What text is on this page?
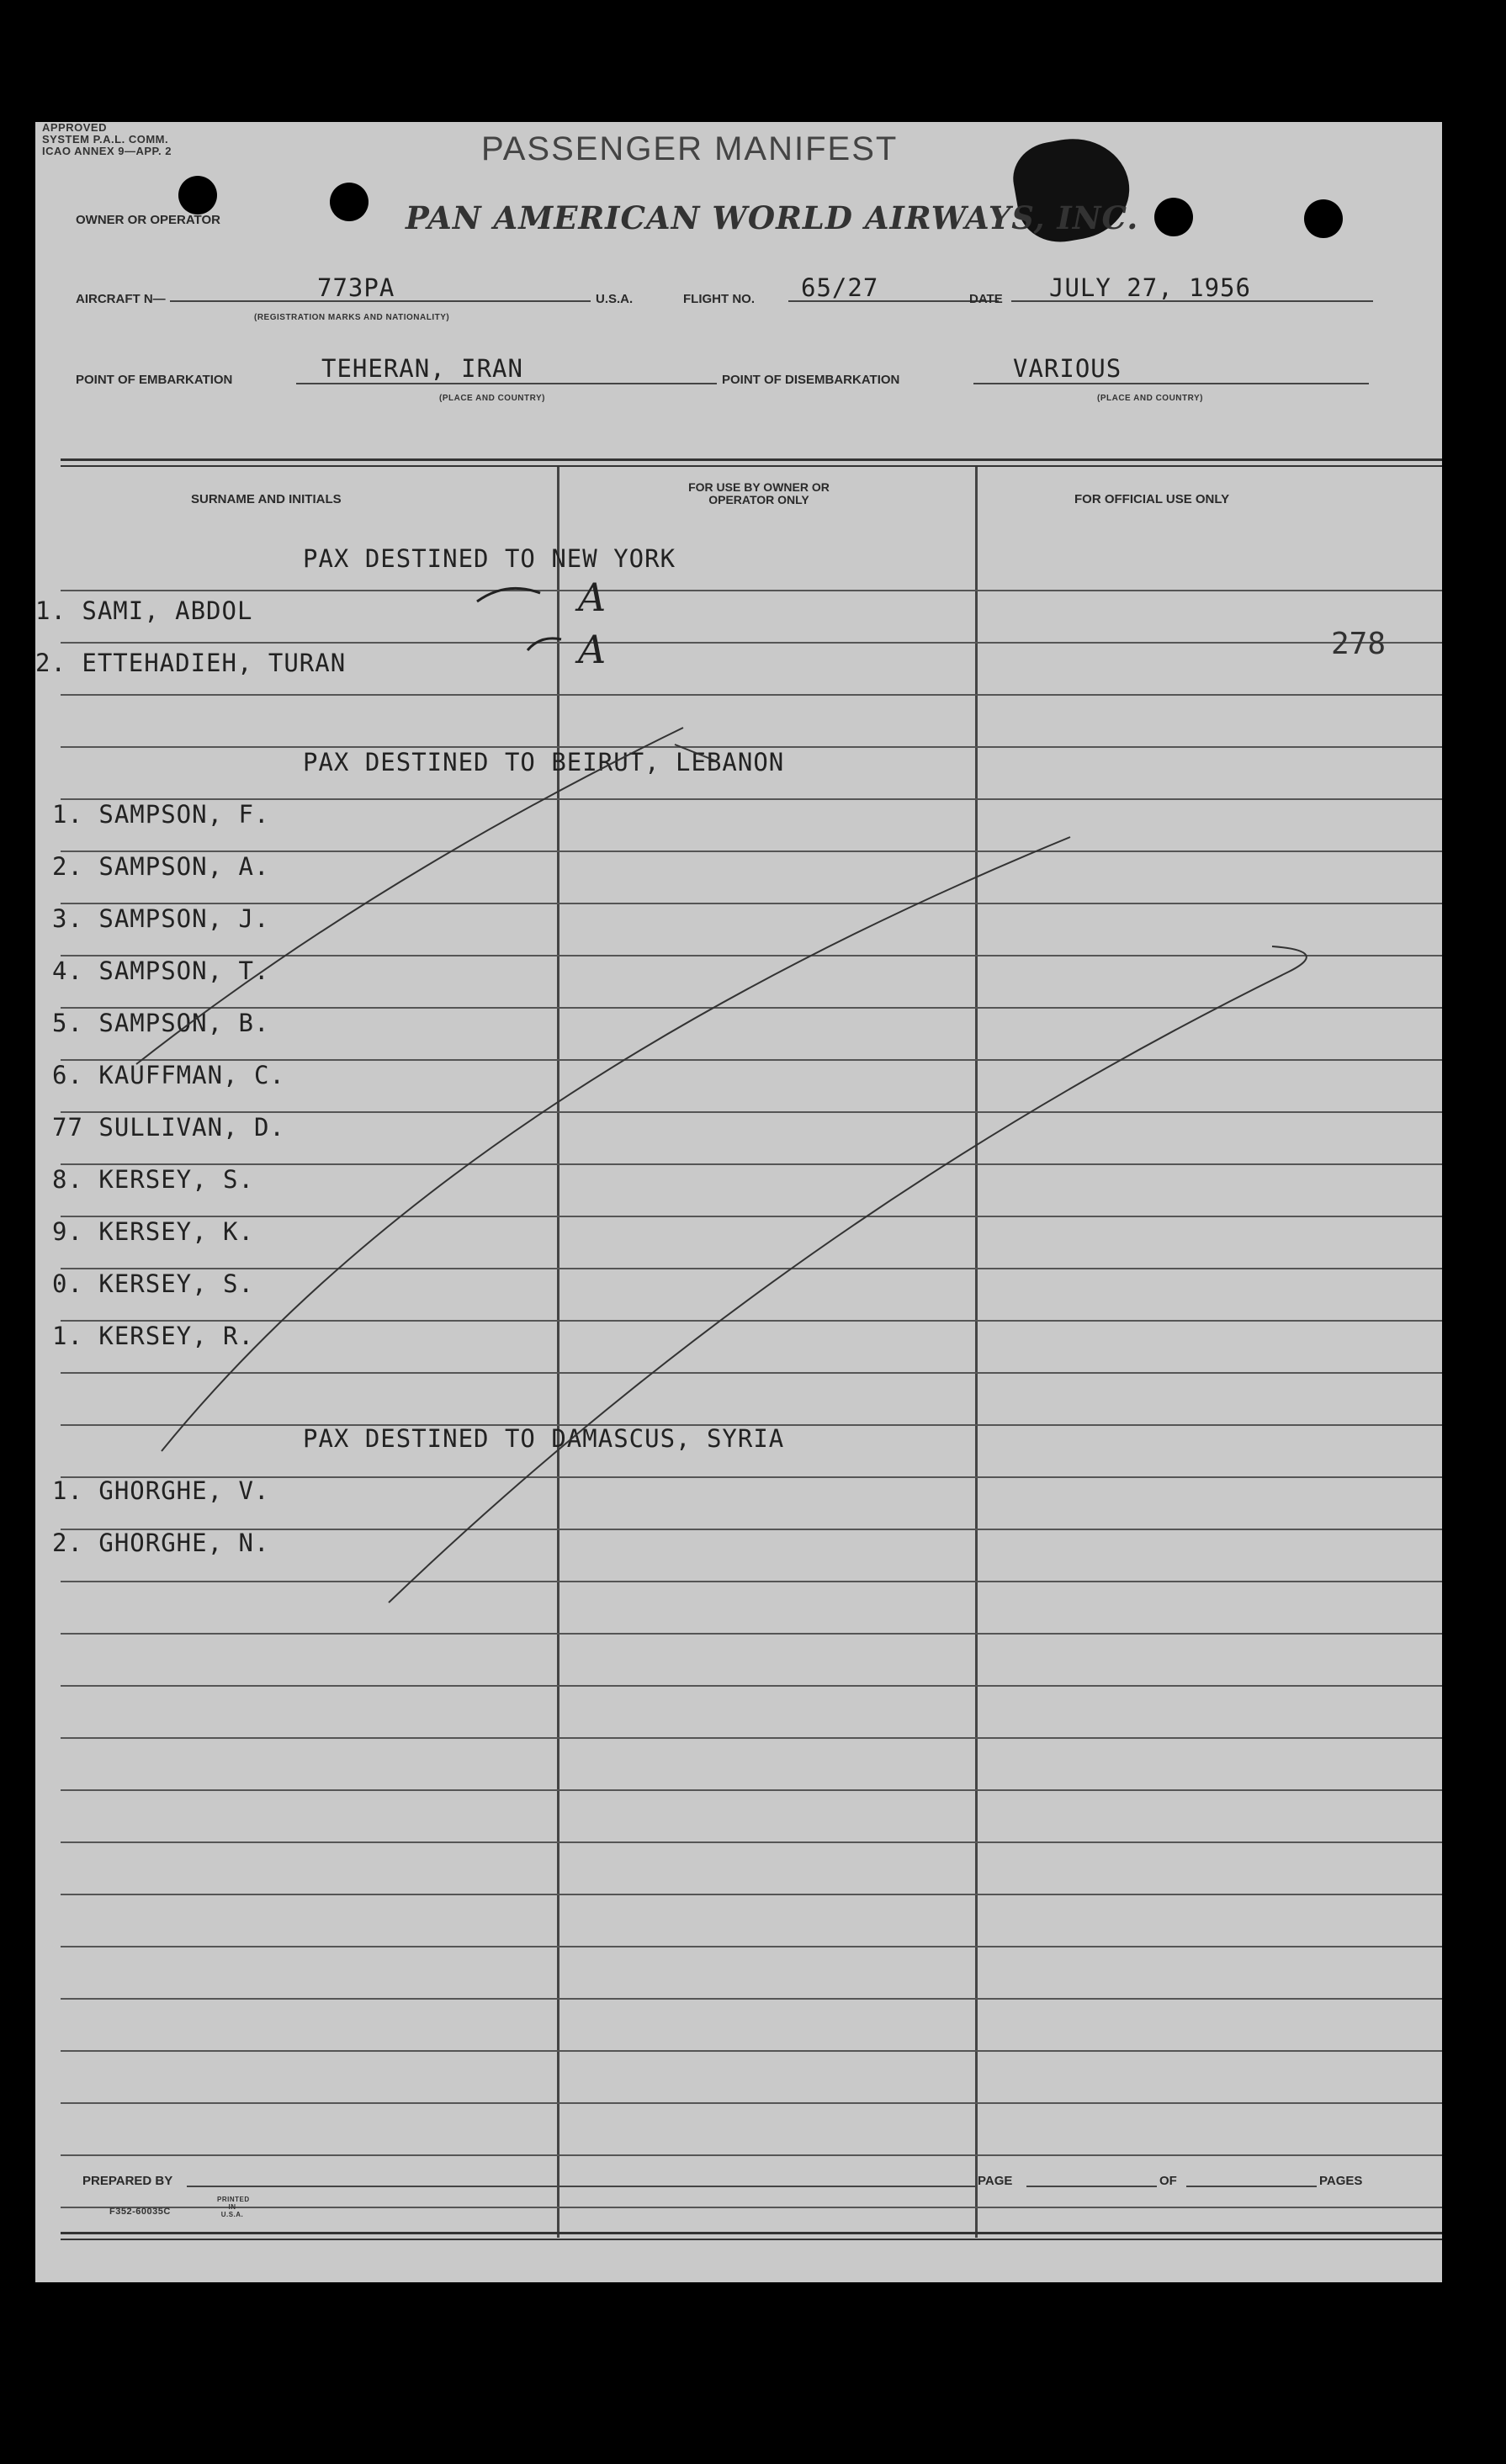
APPROVED
SYSTEM P.A.L. COMM.
ICAO ANNEX 9—APP. 2	PASSENGER MANIFEST
OWNER OR OPERATOR	PAN AMERICAN WORLD AIRWAYS, INC.
AIRCRAFT N—	773PA
(REGISTRATION MARKS AND NATIONALITY)
U.S.A.	FLIGHT NO. 65/27	DATE JULY 27, 1956
POINT OF EMBARKATION	TEHERAN, IRAN
(PLACE AND COUNTRY)
POINT OF DISEMBARKATION	VARIOUS
(PLACE AND COUNTRY)
SURNAME AND INITIALS
FOR USE BY OWNER OR OPERATOR ONLY	FOR OFFICIAL USE ONLY
PAX DESTINED TO NEW YORK
1. SAMI, ABDOL
2. ETTEHADIEH, TURAN
A
A	278
PAX DESTINED TO BEIRUT, LEBANON
1. SAMPSON, F.
2. SAMPSON, A.
3. SAMPSON, J.
4. SAMPSON, T.
5. SAMPSON, B.
6. KAUFFMAN, C.
77 SULLIVAN, D.
8. KERSEY, S.
9. KERSEY, K.
0. KERSEY, S.
1. KERSEY, R.
PAX DESTINED TO DAMASCUS, SYRIA
1. GHORGHE, V.
2. GHORGHE, N.
PREPARED BY	PAGE	OF	PAGES
F352-60035C
PRINTED IN U.S.A.
